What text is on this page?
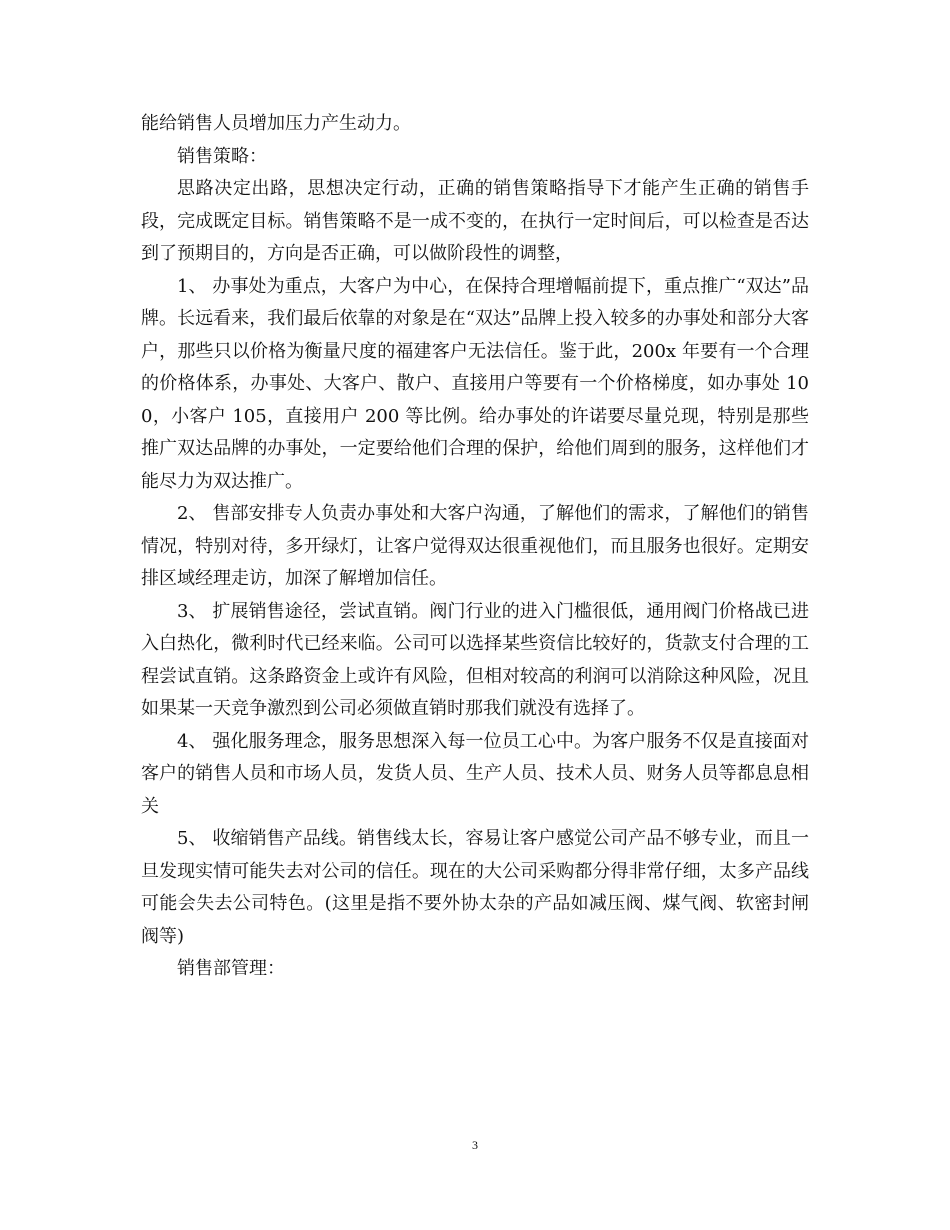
能给销售人员增加压力产生动力。

销售策略：

思路决定出路，思想决定行动，正确的销售策略指导下才能产生正确的销售手段，完成既定目标。销售策略不是一成不变的，在执行一定时间后，可以检查是否达到了预期目的，方向是否正确，可以做阶段性的调整，

1、 办事处为重点，大客户为中心，在保持合理增幅前提下，重点推广“双达”品牌。长远看来，我们最后依靠的对象是在“双达”品牌上投入较多的办事处和部分大客户，那些只以价格为衡量尺度的福建客户无法信任。鉴于此，200x 年要有一个合理的价格体系，办事处、大客户、散户、直接用户等要有一个价格梯度，如办事处 100，小客户 105，直接用户 200 等比例。给办事处的许诺要尽量兑现，特别是那些推广双达品牌的办事处，一定要给他们合理的保护，给他们周到的服务，这样他们才能尽力为双达推广。

2、 售部安排专人负责办事处和大客户沟通，了解他们的需求，了解他们的销售情况，特别对待，多开绿灯，让客户觉得双达很重视他们，而且服务也很好。定期安排区域经理走访，加深了解增加信任。

3、 扩展销售途径，尝试直销。阀门行业的进入门槛很低，通用阀门价格战已进入白热化，微利时代已经来临。公司可以选择某些资信比较好的，货款支付合理的工程尝试直销。这条路资金上或许有风险，但相对较高的利润可以消除这种风险，况且如果某一天竞争激烈到公司必须做直销时那我们就没有选择了。

4、 强化服务理念，服务思想深入每一位员工心中。为客户服务不仅是直接面对客户的销售人员和市场人员，发货人员、生产人员、技术人员、财务人员等都息息相关

5、 收缩销售产品线。销售线太长，容易让客户感觉公司产品不够专业，而且一旦发现实情可能失去对公司的信任。现在的大公司采购都分得非常仔细，太多产品线可能会失去公司特色。(这里是指不要外协太杂的产品如减压阀、煤气阀、软密封闸阀等)

销售部管理：

3
